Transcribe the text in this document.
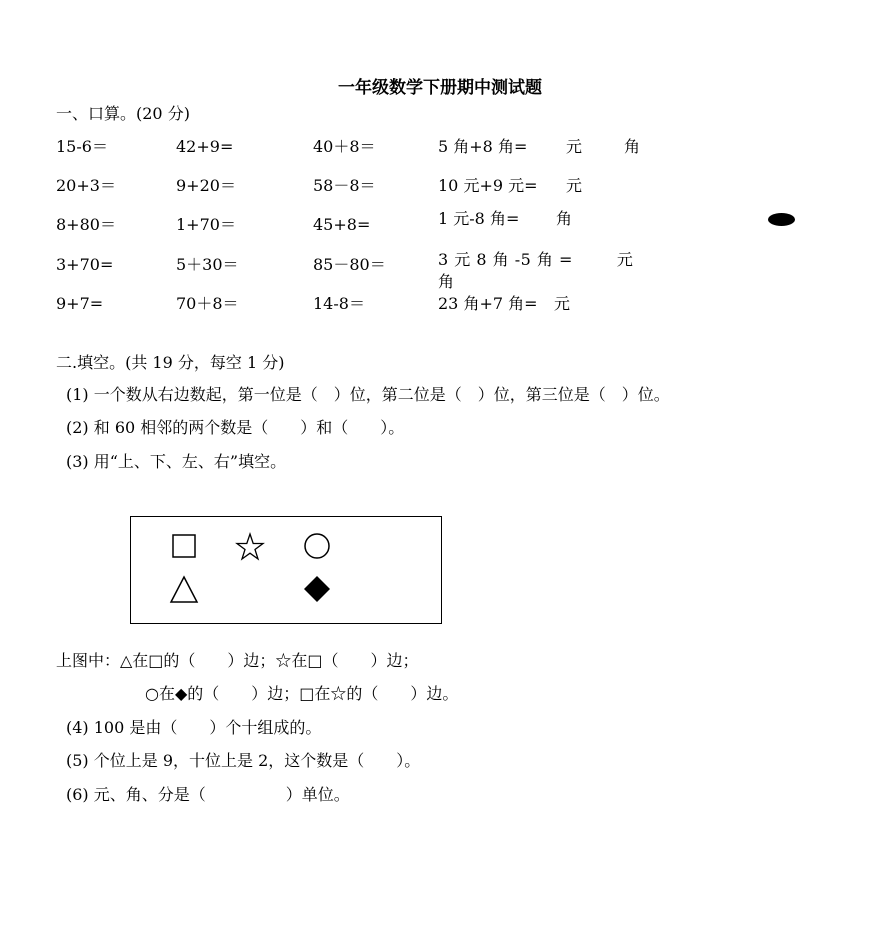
一年级数学下册期中测试题
一、口算。(20 分)
15-6＝	42+9=	40＋8＝	5 角+8 角= 元	角
20+3＝	9+20＝	58－8＝	10 元+9 元= 元
8+80＝	1+70＝	45+8=	1 元-8 角= 角
3+70=	5＋30＝	85－80＝	3 元 8 角 -5 角 =	元
角
9+7=	70＋8＝	14-8＝	23 角+7 角= 元
二.填空。(共 19 分，每空 1 分)
(1) 一个数从右边数起，第一位是（　）位，第二位是（　）位，第三位是（　）位。
(2) 和 60 相邻的两个数是（　　）和（　　）。
(3) 用“上、下、左、右”填空。
上图中：△在□的（　　）边；☆在□（　　）边；
○在◆的（　　）边；□在☆的（　　）边。
(4) 100 是由（　　）个十组成的。
(5) 个位上是 9，十位上是 2，这个数是（　　）。
(6) 元、角、分是（　　　　　）单位。
